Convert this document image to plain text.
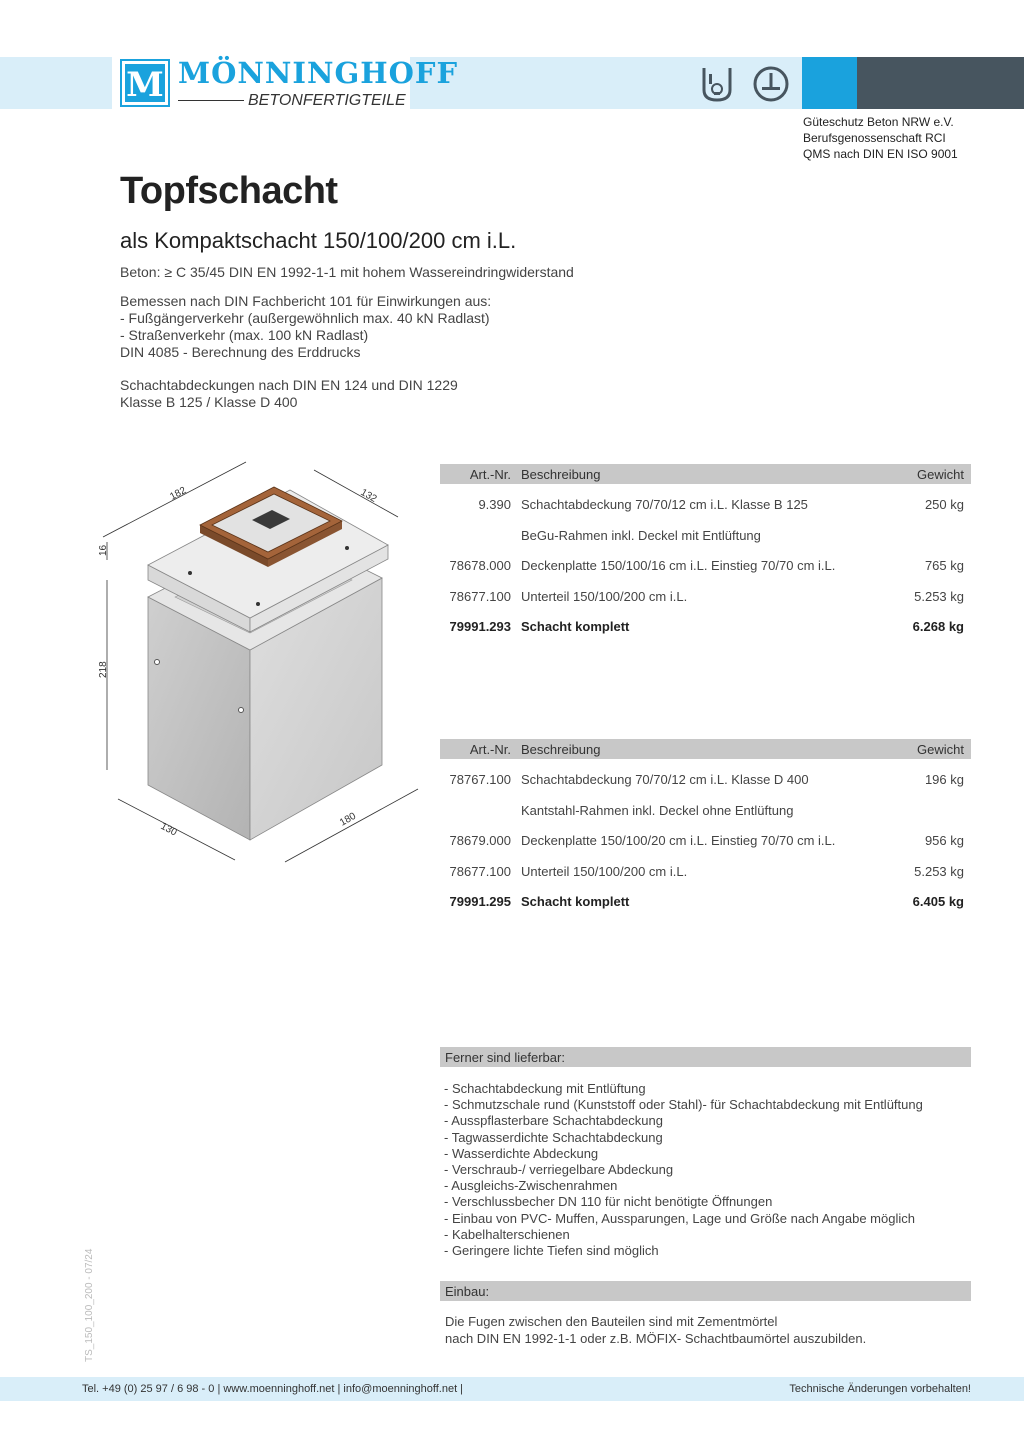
M MÖNNINGHOFF
BETONFERTIGTEILE
Güteschutz Beton NRW e.V.
Berufsgenossenschaft RCI
QMS nach DIN EN ISO 9001
Topfschacht
als Kompaktschacht 150/100/200 cm i.L.
Beton: ≥ C 35/45 DIN EN 1992-1-1 mit hohem Wassereindringwiderstand
Bemessen nach DIN Fachbericht 101 für Einwirkungen aus:
- Fußgängerverkehr (außergewöhnlich max. 40 kN Radlast)
- Straßenverkehr (max. 100 kN Radlast)
DIN 4085 - Berechnung des Erddrucks
Schachtabdeckungen nach DIN EN 124 und DIN 1229
Klasse B 125 / Klasse D 400
182	132
16
218
130
180
Art.-Nr. Beschreibung	Gewicht
9.390 Schachtabdeckung 70/70/12 cm i.L. Klasse B 125	250 kg
BeGu-Rahmen inkl. Deckel mit Entlüftung
78678.000 Deckenplatte 150/100/16 cm i.L. Einstieg 70/70 cm i.L.	765 kg
78677.100 Unterteil 150/100/200 cm i.L.	5.253 kg
79991.293 Schacht komplett	6.268 kg
Art.-Nr. Beschreibung	Gewicht
78767.100 Schachtabdeckung 70/70/12 cm i.L. Klasse D 400	196 kg
Kantstahl-Rahmen inkl. Deckel ohne Entlüftung
78679.000 Deckenplatte 150/100/20 cm i.L. Einstieg 70/70 cm i.L.	956 kg
78677.100 Unterteil 150/100/200 cm i.L.	5.253 kg
79991.295 Schacht komplett	6.405 kg
Ferner sind lieferbar:
- Schachtabdeckung mit Entlüftung
- Schmutzschale rund (Kunststoff oder Stahl)- für Schachtabdeckung mit Entlüftung
- Ausspflasterbare Schachtabdeckung
- Tagwasserdichte Schachtabdeckung
- Wasserdichte Abdeckung
- Verschraub-/ verriegelbare Abdeckung
- Ausgleichs-Zwischenrahmen
- Verschlussbecher DN 110 für nicht benötigte Öffnungen
- Einbau von PVC- Muffen, Aussparungen, Lage und Größe nach Angabe möglich
- Kabelhalterschienen
- Geringere lichte Tiefen sind möglich
Einbau:
Die Fugen zwischen den Bauteilen sind mit Zementmörtel
nach DIN EN 1992-1-1 oder z.B. MÖFIX- Schachtbaumörtel auszubilden.
TS_150_100_200 - 07/24
Tel. +49 (0) 25 97 / 6 98 - 0 | www.moenninghoff.net | info@moenninghoff.net |	Technische Änderungen vorbehalten!
